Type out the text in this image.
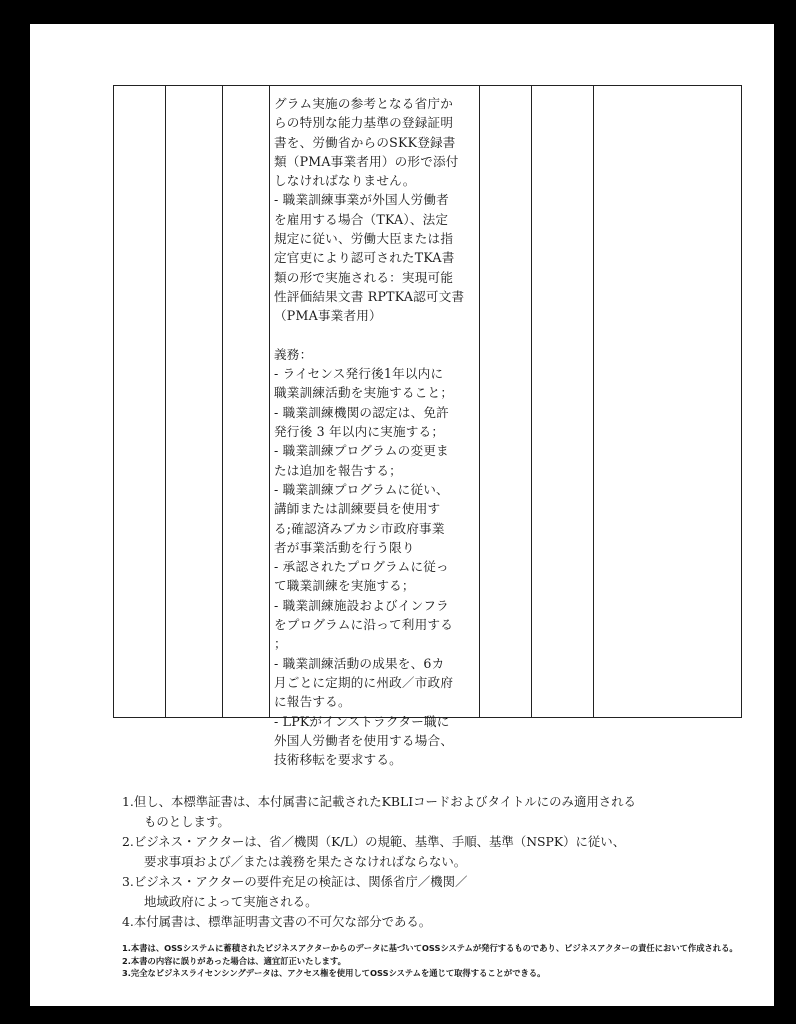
グラム実施の参考となる省庁か
らの特別な能力基準の登録証明
書を、労働省からのSKK登録書
類（PMA事業者用）の形で添付
しなければなりません。
- 職業訓練事業が外国人労働者
を雇用する場合（TKA）、法定
規定に従い、労働大臣または指
定官吏により認可されたTKA書
類の形で実施される：実現可能
性評価結果文書 RPTKA認可文書
（PMA事業者用）

義務：
- ライセンス発行後1年以内に
職業訓練活動を実施すること；
- 職業訓練機関の認定は、免許
発行後 3 年以内に実施する；
- 職業訓練プログラムの変更ま
たは追加を報告する；
- 職業訓練プログラムに従い、
講師または訓練要員を使用す
る;確認済みブカシ市政府事業
者が事業活動を行う限り
- 承認されたプログラムに従っ
て職業訓練を実施する；
- 職業訓練施設およびインフラ
をプログラムに沿って利用する
；
- 職業訓練活動の成果を、6カ
月ごとに定期的に州政／市政府
に報告する。
- LPKがインストラクター職に
外国人労働者を使用する場合、
技術移転を要求する。

1.但し、本標準証書は、本付属書に記載されたKBLIコードおよびタイトルにのみ適用される

ものとします。

2.ビジネス・アクターは、省／機関（K/L）の規範、基準、手順、基準（NSPK）に従い、

要求事項および／または義務を果たさなければならない。

3.ビジネス・アクターの要件充足の検証は、関係省庁／機関／

地域政府によって実施される。

4.本付属書は、標準証明書文書の不可欠な部分である。

1.本書は、OSSシステムに蓄積されたビジネスアクターからのデータに基づいてOSSシステムが発行するものであり、ビジネスアクターの責任において作成される。

2.本書の内容に誤りがあった場合は、適宜訂正いたします。

3.完全なビジネスライセンシングデータは、アクセス権を使用してOSSシステムを通じて取得することができる。
